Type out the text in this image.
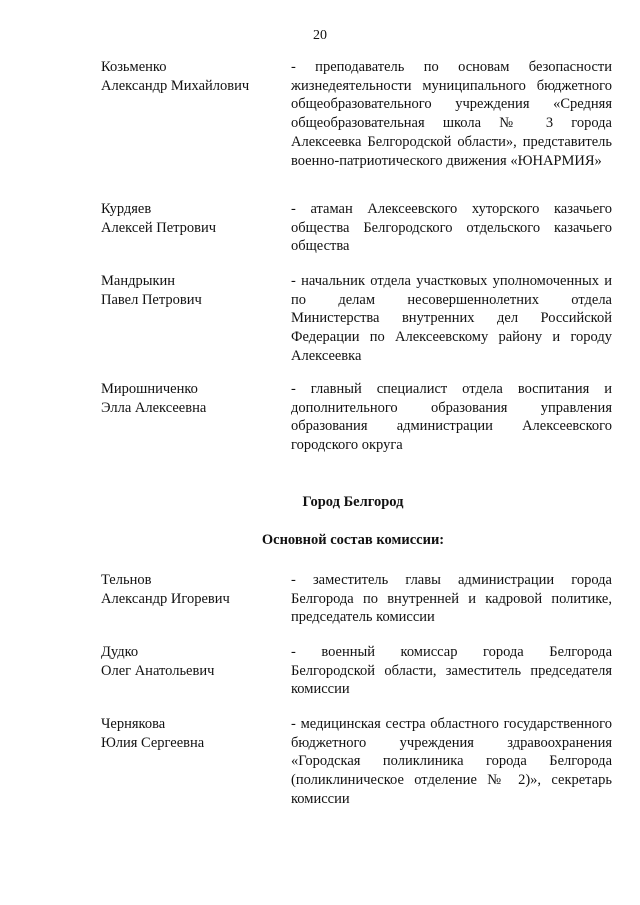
20
Козьменко
Александр Михайлович
- преподаватель по основам безопасности жизнедеятельности муниципального бюджетного общеобразовательного учреждения «Средняя общеобразовательная школа № 3 города Алексеевка Белгородской области», представитель военно-патриотического движения «ЮНАРМИЯ»
Курдяев
Алексей Петрович
- атаман Алексеевского хуторского казачьего общества Белгородского отдельского казачьего общества
Мандрыкин
Павел Петрович
- начальник отдела участковых уполномоченных и по делам несовершеннолетних отдела Министерства внутренних дел Российской Федерации по Алексеевскому району и городу Алексеевка
Мирошниченко
Элла Алексеевна
- главный специалист отдела воспитания и дополнительного образования управления образования администрации Алексеевского городского округа
Город Белгород
Основной состав комиссии:
Тельнов
Александр Игоревич
- заместитель главы администрации города Белгорода по внутренней и кадровой политике, председатель комиссии
Дудко
Олег Анатольевич
- военный комиссар города Белгорода Белгородской области, заместитель председателя комиссии
Чернякова
Юлия Сергеевна
- медицинская сестра областного государственного бюджетного учреждения здравоохранения «Городская поликлиника города Белгорода (поликлиническое отделение № 2)», секретарь комиссии
